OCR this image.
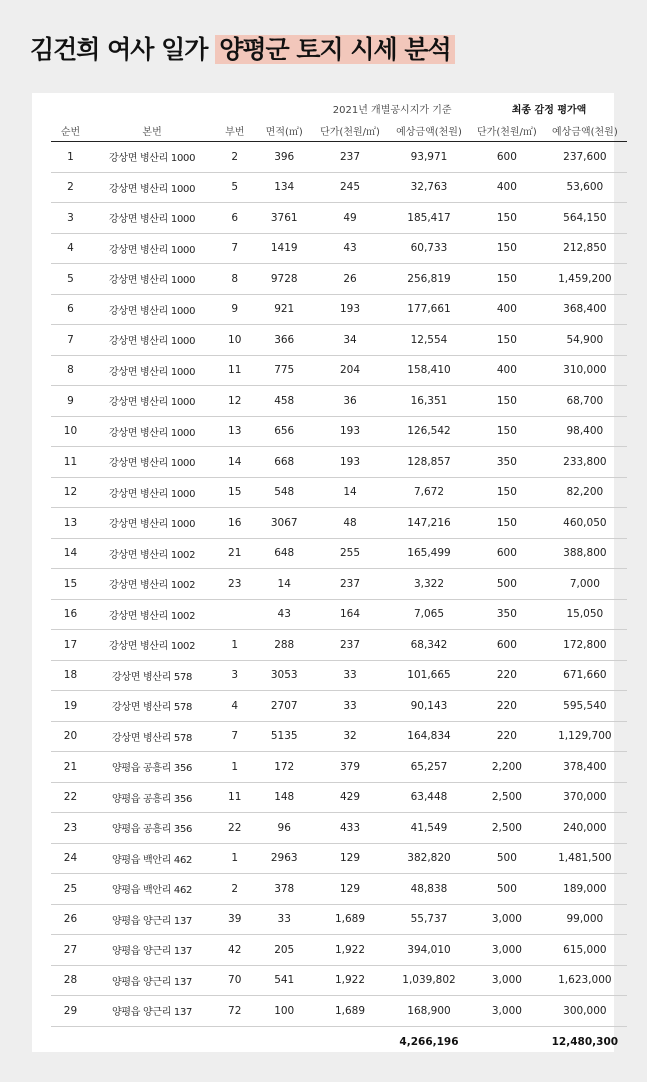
김건희 여사 일가 양평군 토지 시세 분석
				2021년 개별공시지가 기준		최종 감정 평가액	
순번	본번	부번	면적(㎡)	단가(천원/㎡)	예상금액(천원)	단가(천원/㎡)	예상금액(천원)
1	강상면 병산리 1000	2	396	237	93,971	600	237,600
2	강상면 병산리 1000	5	134	245	32,763	400	53,600
3	강상면 병산리 1000	6	3761	49	185,417	150	564,150
4	강상면 병산리 1000	7	1419	43	60,733	150	212,850
5	강상면 병산리 1000	8	9728	26	256,819	150	1,459,200
6	강상면 병산리 1000	9	921	193	177,661	400	368,400
7	강상면 병산리 1000	10	366	34	12,554	150	54,900
8	강상면 병산리 1000	11	775	204	158,410	400	310,000
9	강상면 병산리 1000	12	458	36	16,351	150	68,700
10	강상면 병산리 1000	13	656	193	126,542	150	98,400
11	강상면 병산리 1000	14	668	193	128,857	350	233,800
12	강상면 병산리 1000	15	548	14	7,672	150	82,200
13	강상면 병산리 1000	16	3067	48	147,216	150	460,050
14	강상면 병산리 1002	21	648	255	165,499	600	388,800
15	강상면 병산리 1002	23	14	237	3,322	500	7,000
16	강상면 병산리 1002		43	164	7,065	350	15,050
17	강상면 병산리 1002	1	288	237	68,342	600	172,800
18	강상면 병산리 578	3	3053	33	101,665	220	671,660
19	강상면 병산리 578	4	2707	33	90,143	220	595,540
20	강상면 병산리 578	7	5135	32	164,834	220	1,129,700
21	양평읍 공흥리 356	1	172	379	65,257	2,200	378,400
22	양평읍 공흥리 356	11	148	429	63,448	2,500	370,000
23	양평읍 공흥리 356	22	96	433	41,549	2,500	240,000
24	양평읍 백안리 462	1	2963	129	382,820	500	1,481,500
25	양평읍 백안리 462	2	378	129	48,838	500	189,000
26	양평읍 양근리 137	39	33	1,689	55,737	3,000	99,000
27	양평읍 양근리 137	42	205	1,922	394,010	3,000	615,000
28	양평읍 양근리 137	70	541	1,922	1,039,802	3,000	1,623,000
29	양평읍 양근리 137	72	100	1,689	168,900	3,000	300,000
					4,266,196		12,480,300
